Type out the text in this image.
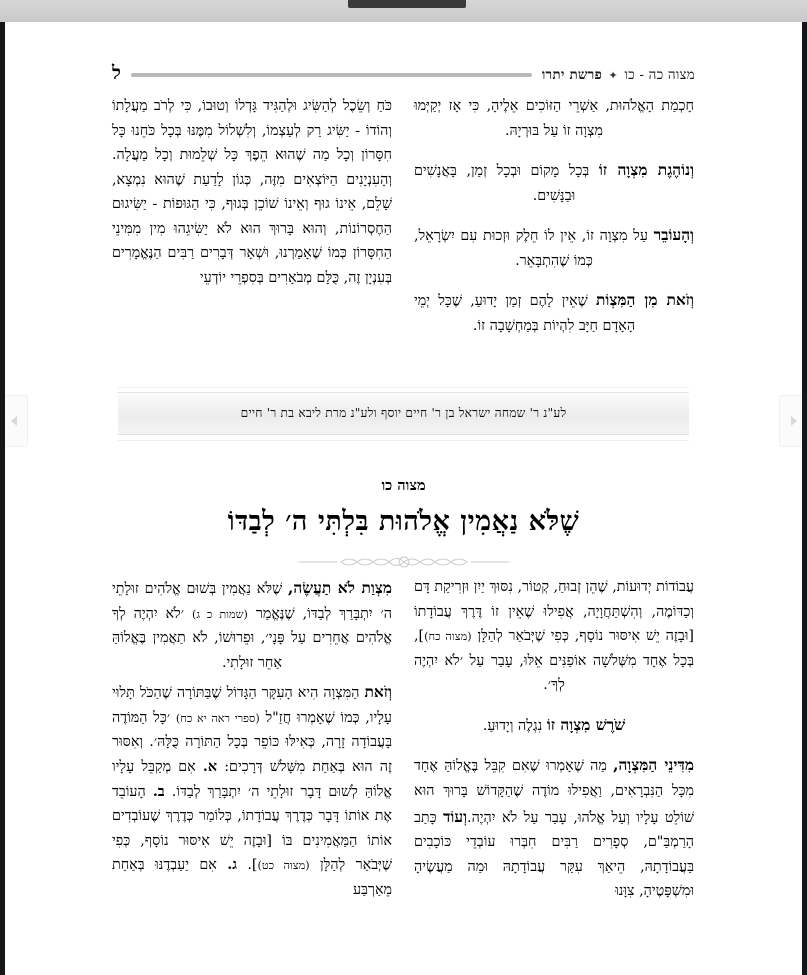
ל	מצוה כה - כו ✦ פרשת יתרו

כֹּחַ וְשֵׂכֶל לְהַשִּׂיג וּלְהַגִּיד גָּדְלוֹ וְטוּבוֹ, כִּי לְרֹב מַעֲלָתוֹ וְהוֹדוֹ - יַשִּׂיג רַק לְעַצְמוֹ, וְלִשְׁלוֹל מִמֶּנּוּ בְּכָל כֹּחֵנוּ כָּל חִסָּרוֹן וְכָל מַה שֶׁהוּא הֵפֶךְ כָּל שְׁלֵמוּת וְכָל מַעֲלָה. וְהָעִנְיָנִים הַיּוֹצְאִים מִזֶּה, כְּגוֹן לָדַעַת שֶׁהוּא נִמְצָא, שָׁלֵם, אֵינוֹ גוּף וְאֵינוֹ שׁוֹכֵן בְּגוּף, כִּי הַגּוּפוֹת - יַשִּׂיגוּם הַחֶסְרוֹנוֹת, וְהוּא בָּרוּךְ הוּא לֹא יַשִּׂיגֵהוּ מִין מִמִּינֵי הַחִסָּרוֹן כְּמוֹ שֶׁאָמַרְנוּ, וּשְׁאָר דְּבָרִים רַבִּים הַנֶּאֱמָרִים בְּעִנְיָן זֶה, כֻּלָּם מְבֹאָרִים בְּסִפְרֵי יוֹדְעֵי

חָכְמַת הָאֱלֹהוּת, אַשְׁרֵי הַזּוֹכִים אֵלֶיהָ, כִּי אָז יְקַיְּמוּ מִצְוָה זוֹ עַל בּוּרְיָהּ.

וְנוֹהֶגֶת מִצְוָה זוֹ בְּכָל מָקוֹם וּבְכָל זְמַן, בָּאֲנָשִׁים וּבַנָּשִׁים.

וְהָעוֹבֵר עַל מִצְוָה זוֹ, אֵין לוֹ חֵלֶק וּזְכוּת עִם יִשְׂרָאֵל, כְּמוֹ שֶׁהִתְבָּאֵר.

וְזֹאת מִן הַמִּצְוֹת שֶׁאֵין לָהֶם זְמַן יָדוּעַ, שֶׁכָּל יְמֵי הָאָדָם חַיָּב לִהְיוֹת בְּמַחְשָׁבָה זוֹ.

לע"נ ר' שמחה ישראל בן ר' חיים יוסף ולע"נ מרת ליבא בת ר' חיים
מצוה כו
שֶׁלֹּא נַאֲמִין אֱלֹהוּת בִּלְתִּי ה׳ לְבַדּוֹ

מִצְוַת לֹא תַעֲשֶׂה, שֶׁלֹּא נַאֲמִין בְּשׁוּם אֱלֹהִים זוּלָתֵי ה׳ יִתְבָּרַךְ לְבַדּוֹ, שֶׁנֶּאֱמַר (שמות כ ג) ׳לֹא יִהְיֶה לְךָ אֱלֹהִים אֲחֵרִים עַל פָּנָי׳, וּפֵרוּשׁוֹ, לֹא תַאֲמִין בֶּאֱלוֹהַּ אַחֵר זוּלָתִי.

וְזֹאת הַמִּצְוָה הִיא הָעִקָּר הַגָּדוֹל שֶׁבַּתּוֹרָה שֶׁהַכֹּל תָּלוּי עָלָיו, כְּמוֹ שֶׁאָמְרוּ חֲזַ"ל (ספרי ראה יא כח) ׳כָּל הַמּוֹדֶה בָּעֲבוֹדָה זָרָה, כְּאִילּוּ כּוֹפֵר בְּכָל הַתּוֹרָה כֻּלָּהּ׳. וְאִסּוּר זֶה הוּא בְּאַחַת מִשָּׁלֹשׁ דְּרָכִים: א. אִם מְקַבֵּל עָלָיו אֱלוֹהַּ לְשׁוּם דָּבָר זוּלָתֵי ה׳ יִתְבָּרַךְ לְבַדּוֹ. ב. הָעוֹבֵד אֶת אוֹתוֹ דָּבָר כְּדֶרֶךְ עֲבוֹדָתוֹ, כְּלוֹמַר כְּדֶרֶךְ שֶׁעוֹבְדִים אוֹתוֹ הַמַּאֲמִינִים בּוֹ [וּבָזֶה יֵשׁ אִיסּוּר נוֹסָף, כְּפִי שֶׁיְּבֹאַר לְהַלָּן (מצוה כט)]. ג. אִם יַעַבְדֶנּוּ בְּאַחַת מֵאַרְבַּע

עֲבוֹדוֹת יְדוּעוֹת, שֶׁהֵן זְבוּחַ, קְטוֹר, נִסּוּךְ יַיִן וּזְרִיקַת דָּם וְכַדּוֹמֶה, וְהִשְׁתַּחֲוָיָה, אֲפִילוּ שֶׁאֵין זוֹ דֶּרֶךְ עֲבוֹדָתוֹ [וּבָזֶה יֵשׁ אִיסּוּר נוֹסָף, כְּפִי שֶׁיְּבֹאַר לְהַלָּן (מצוה כח)], בְּכָל אֶחָד מִשְּׁלֹשָׁה אוֹפַנִּים אֵלּוּ, עָבַר עַל ׳לֹא יִהְיֶה לְךָ׳.

שֹׁרֶשׁ מִצְוָה זוֹ נִגְלֶה וְיָדוּעַ.

מִדִּינֵי הַמִּצְוָה, מַה שֶׁאָמְרוּ שֶׁאִם קִבֵּל בֶּאֱלוֹהַּ אֶחָד מִכָּל הַנִּבְרָאִים, וַאֲפִילוּ מוֹדֶה שֶׁהַקָּדוֹשׁ בָּרוּךְ הוּא שׁוֹלֵט עָלָיו וְעַל אֱלֹהוּ, עָבַר עַל לֹא יִהְיֶה.וְעוֹד כָּתַב הָרַמְבַּ"ם, סְפָרִים רַבִּים חִבְּרוּ עוֹבְדֵי כּוֹכָבִים בַּעֲבוֹדָתָהּ, הֵיאַךְ עִקַּר עֲבוֹדָתָהּ וּמַה מַעֲשֶׂיהָ וּמִשְׁפָּטֶיהָ, צִוָּנוּ
